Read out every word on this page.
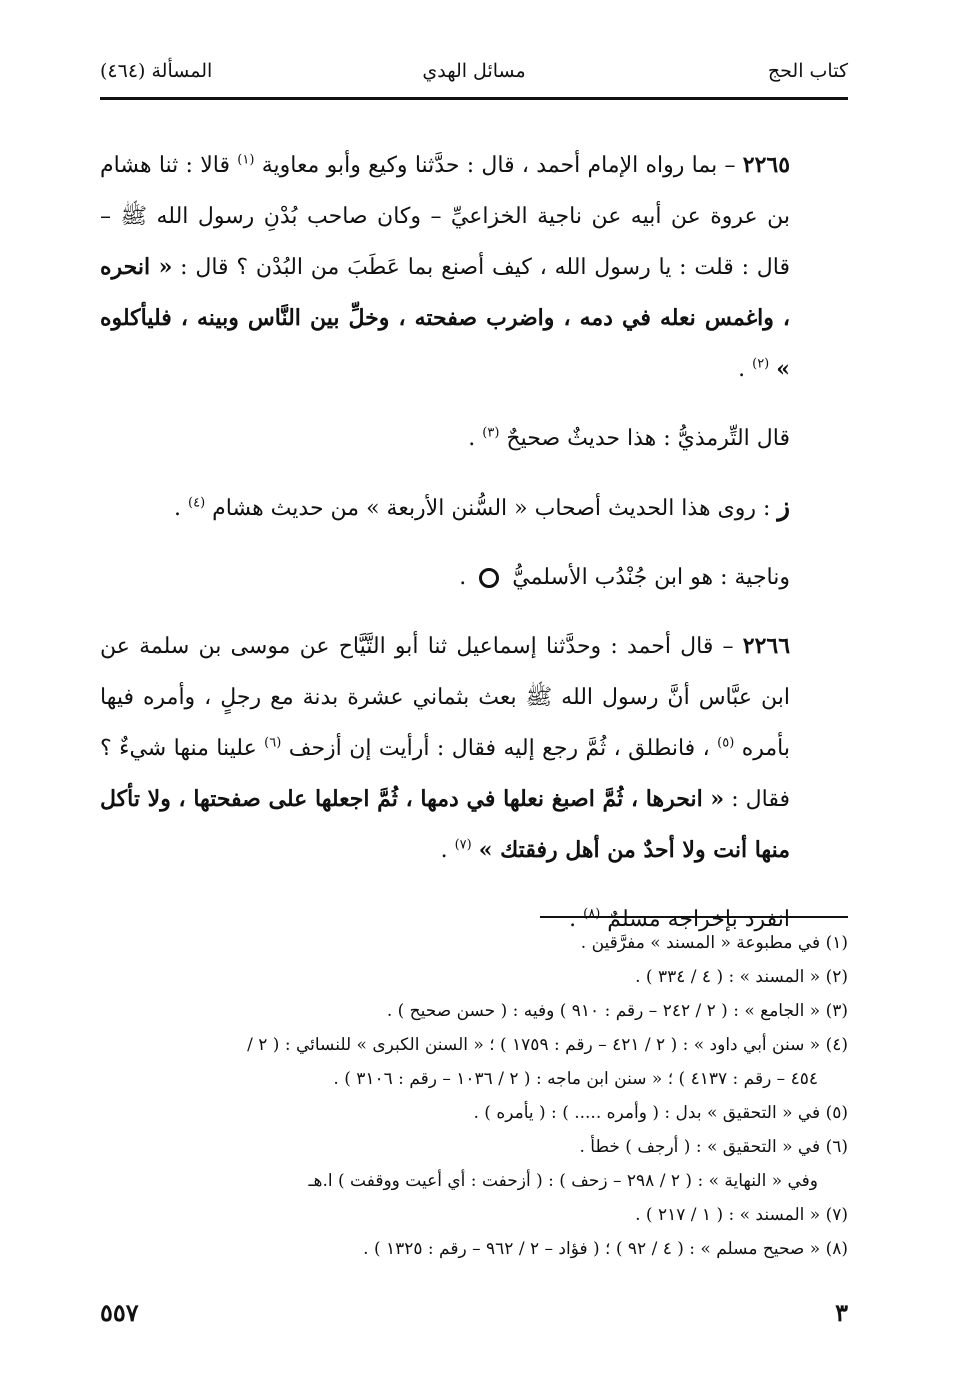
كتاب الحج
مسائل الهدي
المسألة (٤٦٤)

٢٢٦٥ – بما رواه الإمام أحمد ، قال : حدَّثنا وكيع وأبو معاوية $^{(١)}$ قالا : ثنا هشام بن عروة عن أبيه عن ناجية الخزاعيِّ – وكان صاحب بُدْنِ رسول الله ﷺ – قال : قلت : يا رسول الله ، كيف أصنع بما عَطَبَ من البُدْن ؟ قال : « انحره ، واغمس نعله في دمه ، واضرب صفحته ، وخلِّ بين النَّاس وبينه ، فليأكلوه » $^{(٢)}$ .

قال التِّرمذيُّ : هذا حديثٌ صحيحٌ $^{(٣)}$ .

ز : روى هذا الحديث أصحاب « السُّنن الأربعة » من حديث هشام $^{(٤)}$ .

وناجية : هو ابن جُنْدُب الأسلميُّ  .

٢٢٦٦ – قال أحمد : وحدَّثنا إسماعيل ثنا أبو التَّيَّاح عن موسى بن سلمة عن ابن عبَّاس أنَّ رسول الله ﷺ بعث بثماني عشرة بدنة مع رجلٍ ، وأمره فيها بأمره $^{(٥)}$ ، فانطلق ، ثُمَّ رجع إليه فقال : أرأيت إن أزحف $^{(٦)}$ علينا منها شيءٌ ؟ فقال : « انحرها ، ثُمَّ اصبغ نعلها في دمها ، ثُمَّ اجعلها على صفحتها ، ولا تأكل منها أنت ولا أحدٌ من أهل رفقتك » $^{(٧)}$ .

انفرد بإخراجه مسلمٌ $^{(٨)}$ .

(١) في مطبوعة « المسند » مفرَّقين .

(٢) « المسند » : ( ٤ / ٣٣٤ ) .

(٣) « الجامع » : ( ٢ / ٢٤٢ – رقم : ٩١٠ ) وفيه : ( حسن صحيح ) .

(٤) « سنن أبي داود » : ( ٢ / ٤٢١ – رقم : ١٧٥٩ ) ؛ « السنن الكبرى » للنسائي : ( ٢ /

٤٥٤ – رقم : ٤١٣٧ ) ؛ « سنن ابن ماجه : ( ٢ / ١٠٣٦ – رقم : ٣١٠٦ ) .

(٥) في « التحقيق » بدل : ( وأمره ..... ) : ( يأمره ) .

(٦) في « التحقيق » : ( أرجف ) خطأ .

وفي « النهاية » : ( ٢ / ٢٩٨ – زحف ) : ( أزحفت : أي أعيت ووقفت ) ا.هـ

(٧) « المسند » : ( ١ / ٢١٧ ) .

(٨) « صحيح مسلم » : ( ٤ / ٩٢ ) ؛ ( فؤاد – ٢ / ٩٦٢ – رقم : ١٣٢٥ ) .

٣
٥٥٧
